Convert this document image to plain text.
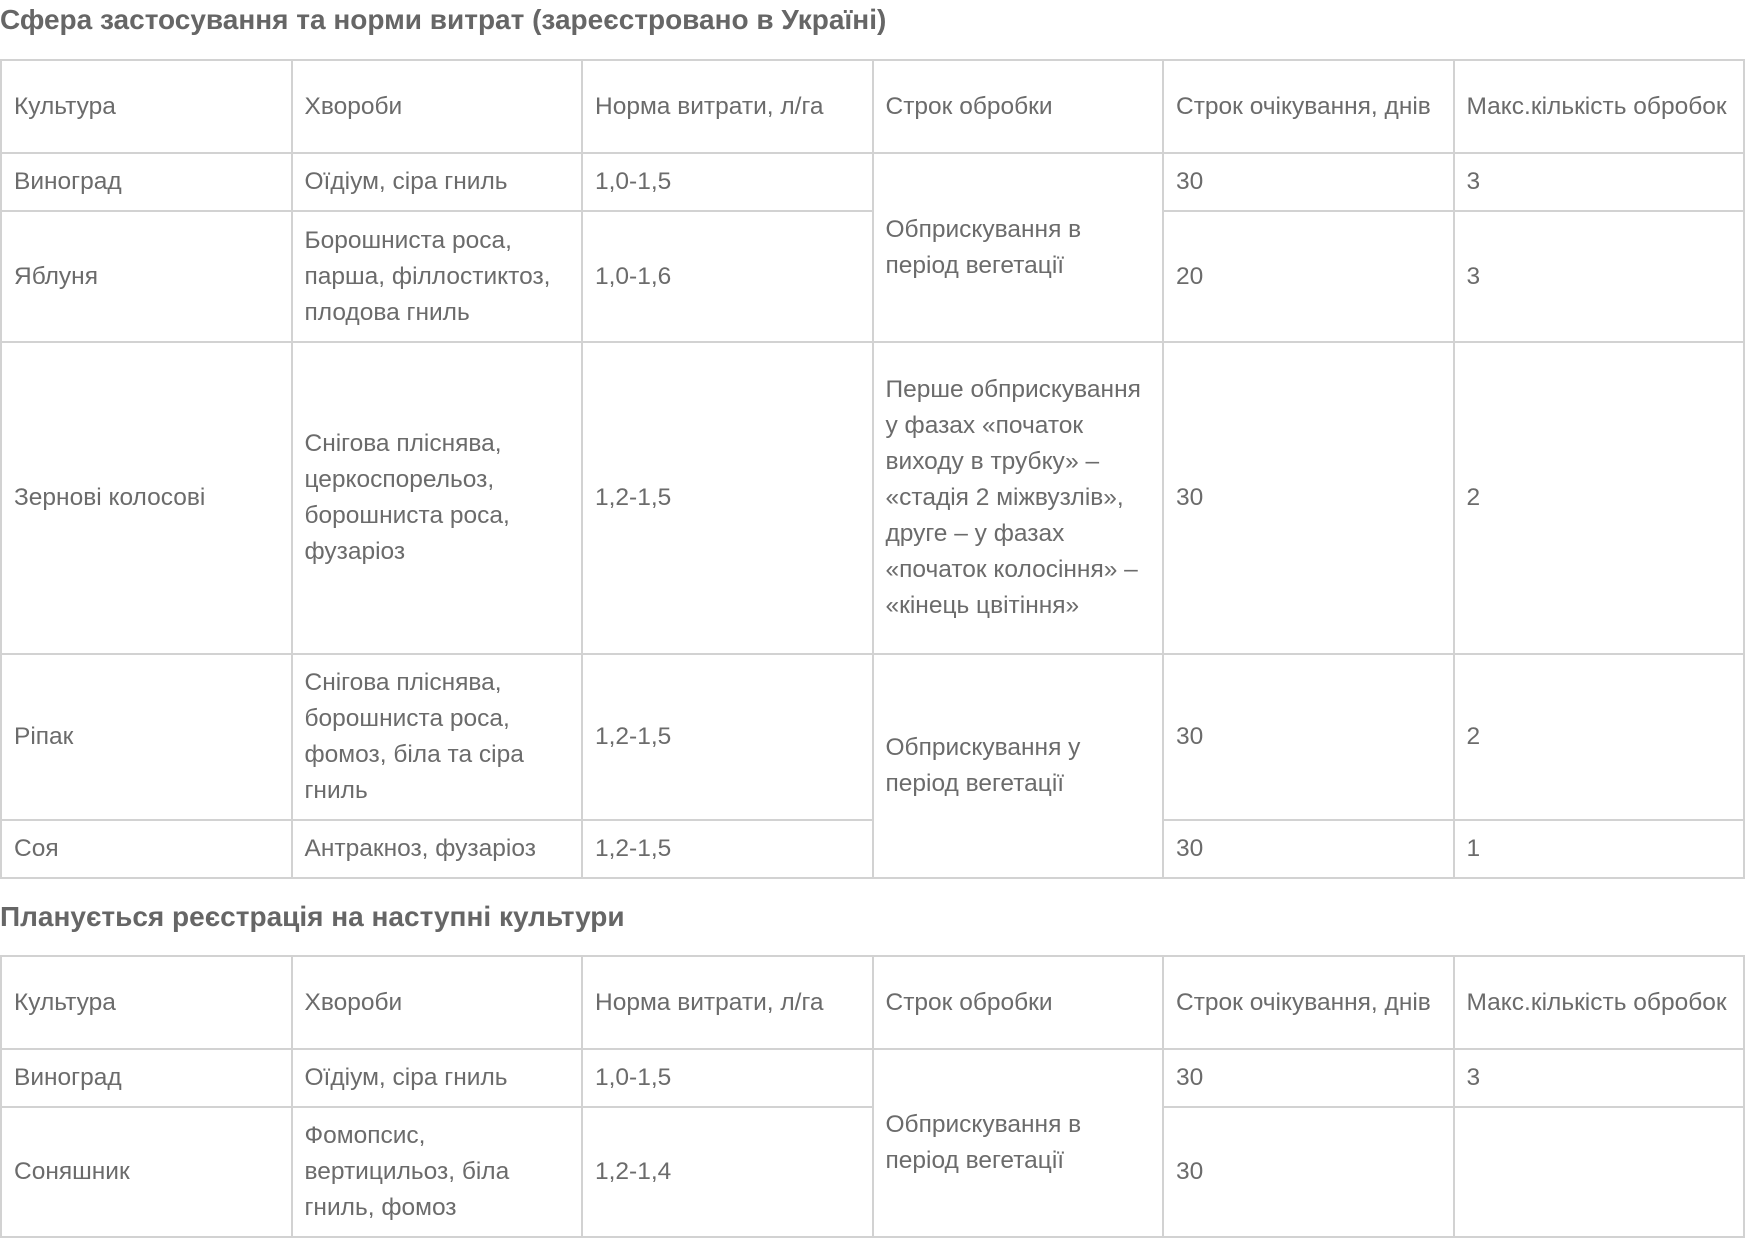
Сфера застосування та норми витрат (зареєстровано в Україні)
Культура	Хвороби	Норма витрати, л/га	Строк обробки	Строк очікування, днів	Макс.кількість обробок
Виноград	Оїдіум, сіра гниль	1,0-1,5	Обприскування в період вегетації	30	3
Яблуня	Борошниста роса, парша, філлостиктоз, плодова гниль	1,0-1,6		20	3
Зернові колосові	Снігова пліснява, церкоспорельоз, борошниста роса, фузаріоз	1,2-1,5	Перше обприскування у фазах «початок виходу в трубку» – «стадія 2 міжвузлів», друге – у фазах «початок колосіння» – «кінець цвітіння»	30	2
Ріпак	Снігова пліснява, борошниста роса, фомоз, біла та сіра гниль	1,2-1,5	Обприскування у період вегетації	30	2
Соя	Антракноз, фузаріоз	1,2-1,5		30	1
Планується реєстрація на наступні культури
Культура	Хвороби	Норма витрати, л/га	Строк обробки	Строк очікування, днів	Макс.кількість обробок
Виноград	Оїдіум, сіра гниль	1,0-1,5	Обприскування в період вегетації	30	3
Соняшник	Фомопсис, вертицильоз, біла гниль, фомоз	1,2-1,4		30	
